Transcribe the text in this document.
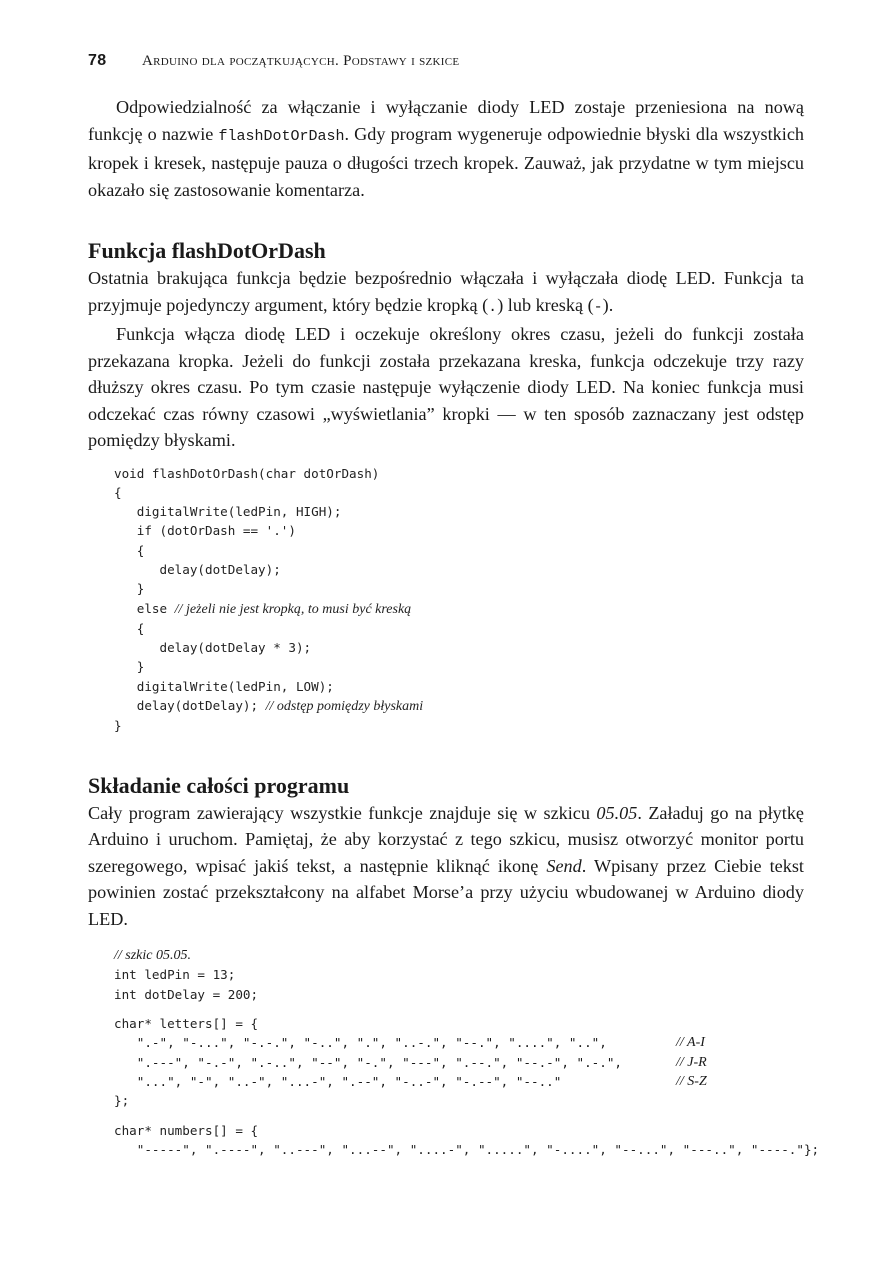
78 Arduino dla początkujących. Podstawy i szkice

Odpowiedzialność za włączanie i wyłączanie diody LED zostaje przeniesiona na nową funkcję o nazwie flashDotOrDash. Gdy program wygeneruje odpowiednie błyski dla wszystkich kropek i kresek, następuje pauza o długości trzech kropek. Zauważ, jak przydatne w tym miejscu okazało się zastosowanie komentarza.

Funkcja flashDotOrDash

Ostatnia brakująca funkcja będzie bezpośrednio włączała i wyłączała diodę LED. Funkcja ta przyjmuje pojedynczy argument, który będzie kropką (.) lub kreską (-).

Funkcja włącza diodę LED i oczekuje określony okres czasu, jeżeli do funkcji została przekazana kropka. Jeżeli do funkcji została przekazana kreska, funkcja odczekuje trzy razy dłuższy okres czasu. Po tym czasie następuje wyłączenie diody LED. Na koniec funkcja musi odczekać czas równy czasowi „wyświetlania” kropki — w ten sposób zaznaczany jest odstęp pomiędzy błyskami.

void flashDotOrDash(char dotOrDash)
{
digitalWrite(ledPin, HIGH);
if (dotOrDash == '.')
{
delay(dotDelay);
}
else // jeżeli nie jest kropką, to musi być kreską
{
delay(dotDelay * 3);
}
digitalWrite(ledPin, LOW);
delay(dotDelay); // odstęp pomiędzy błyskami
}
Składanie całości programu

Cały program zawierający wszystkie funkcje znajduje się w szkicu 05.05. Załaduj go na płytkę Arduino i uruchom. Pamiętaj, że aby korzystać z tego szkicu, musisz otworzyć monitor portu szeregowego, wpisać jakiś tekst, a następnie kliknąć ikonę Send. Wpisany przez Ciebie tekst powinien zostać przekształcony na alfabet Morse’a przy użyciu wbudowanej w Arduino diody LED.

// szkic 05.05.
int ledPin = 13;
int dotDelay = 200;
char* letters[] = {
".-", "-...", "-.-.", "-..", ".", "..-.", "--.", "....", "..",	// A-I
".---", "-.-", ".-..", "--", "-.", "---", ".--.", "--.-", ".-.",	// J-R
"...", "-", "..-", "...-", ".--", "-..-", "-.--", "--.."	// S-Z
};
char* numbers[] = {
"-----", ".----", "..---", "...--", "....-", ".....", "-....", "--...", "---..", "----."};
